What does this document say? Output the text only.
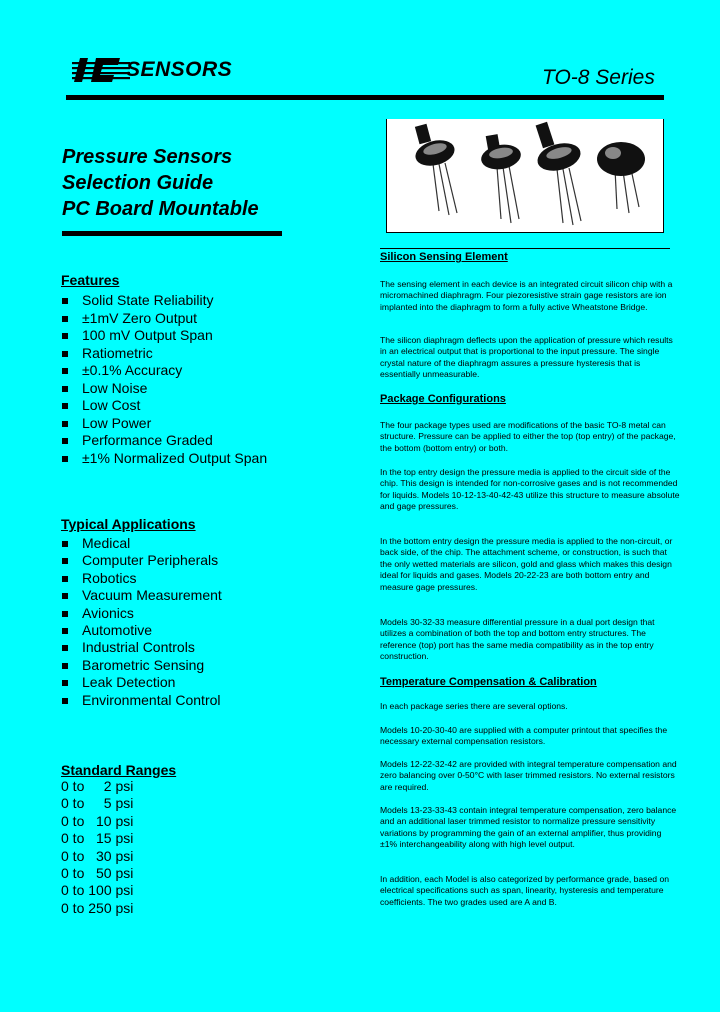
SENSORS	TO-8 Series
Pressure Sensors
Selection Guide
PC Board Mountable
Features
Solid State Reliability
±1mV Zero Output
100 mV Output Span
Ratiometric
±0.1% Accuracy
Low Noise
Low Cost
Low Power
Performance Graded
±1% Normalized Output Span
Typical Applications
Medical
Computer Peripherals
Robotics
Vacuum Measurement
Avionics
Automotive
Industrial Controls
Barometric Sensing
Leak Detection
Environmental Control
Standard Ranges
0 to     2 psi
0 to     5 psi
0 to   10 psi
0 to   15 psi
0 to   30 psi
0 to   50 psi
0 to 100 psi
0 to 250 psi
Silicon Sensing Element

The sensing element in each device is an integrated circuit silicon chip with a micromachined diaphragm. Four piezoresistive strain gage resistors are ion implanted into the diaphragm to form a fully active Wheatstone Bridge.

The silicon diaphragm deflects upon the application of pressure which results in an electrical output that is proportional to the input pressure. The single crystal nature of the diaphragm assures a pressure hysteresis that is essentially unmeasurable.

Package Configurations

The four package types used are modifications of the basic TO-8 metal can structure. Pressure can be applied to either the top (top entry) of the package, the bottom (bottom entry) or both.

In the top entry design the pressure media is applied to the circuit side of the chip. This design is intended for non-corrosive gases and is not recommended for liquids. Models 10-12-13-40-42-43 utilize this structure to measure absolute and gage pressures.

In the bottom entry design the pressure media is applied to the non-circuit, or back side, of the chip. The attachment scheme, or construction, is such that the only wetted materials are silicon, gold and glass which makes this design ideal for liquids and gases. Models 20-22-23 are both bottom entry and measure gage pressures.

Models 30-32-33 measure differential pressure in a dual port design that utilizes a combination of both the top and bottom entry structures. The reference (top) port has the same media compatibility as in the top entry construction.

Temperature Compensation & Calibration

In each package series there are several options.

Models 10-20-30-40 are supplied with a computer printout that specifies the necessary external compensation resistors.

Models 12-22-32-42 are provided with integral temperature compensation and zero balancing over 0-50°C with laser trimmed resistors. No external resistors are required.

Models 13-23-33-43 contain integral temperature compensation, zero balance and an additional laser trimmed resistor to normalize pressure sensitivity variations by programming the gain of an external amplifier, thus providing ±1% interchangeability along with high level output.

In addition, each Model is also categorized by performance grade, based on electrical specifications such as span, linearity, hysteresis and temperature coefficients. The two grades used are A and B.
